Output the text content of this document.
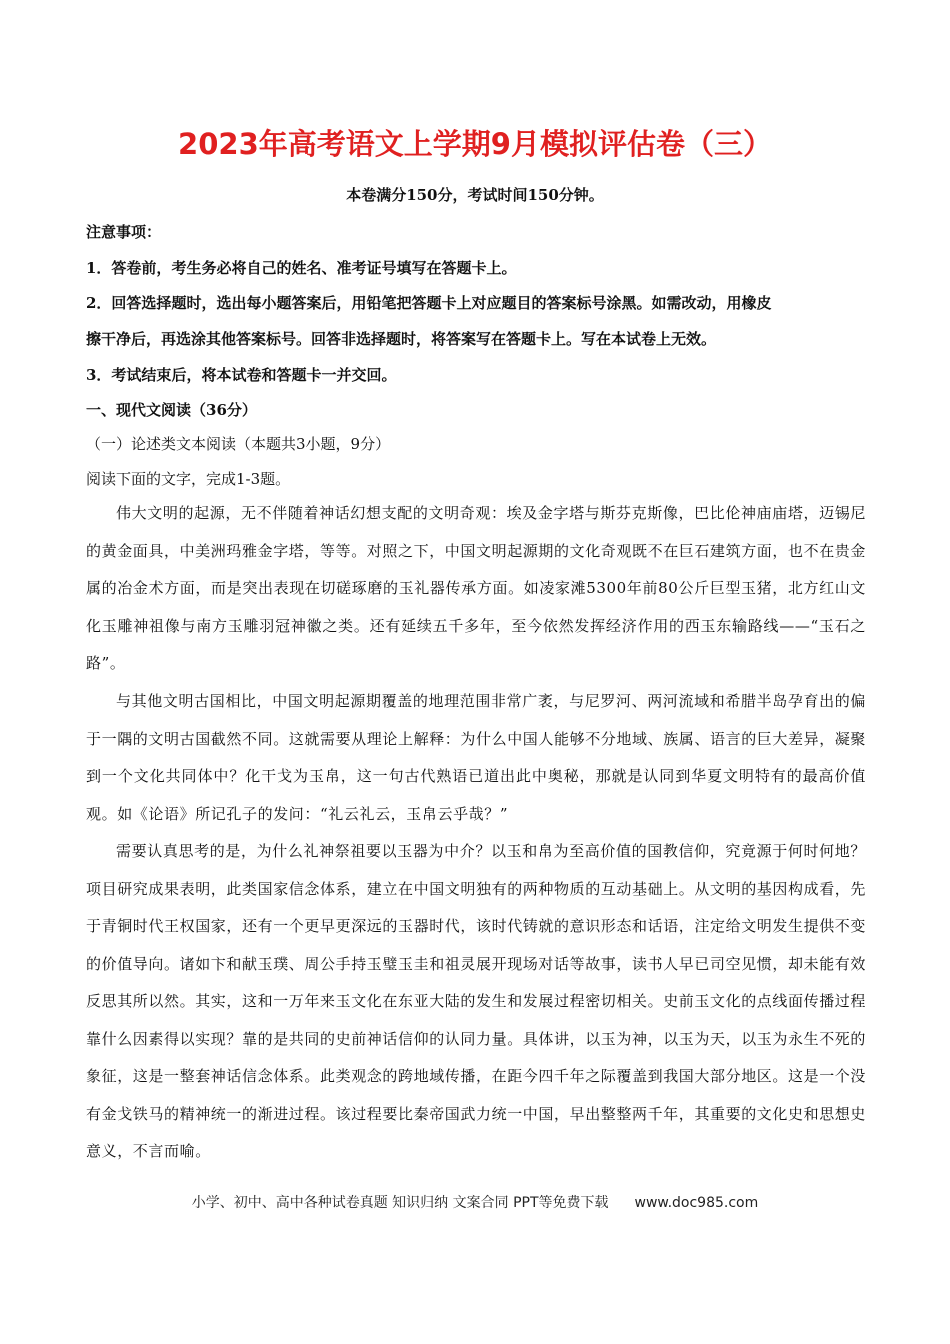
2023年高考语文上学期9月模拟评估卷（三）
本卷满分150分，考试时间150分钟。
注意事项：
1．答卷前，考生务必将自己的姓名、准考证号填写在答题卡上。
2．回答选择题时，选出每小题答案后，用铅笔把答题卡上对应题目的答案标号涂黑。如需改动，用橡皮
擦干净后，再选涂其他答案标号。回答非选择题时，将答案写在答题卡上。写在本试卷上无效。
3．考试结束后，将本试卷和答题卡一并交回。
一、现代文阅读（36分）
（一）论述类文本阅读（本题共3小题，9分）
阅读下面的文字，完成1-3题。

伟大文明的起源，无不伴随着神话幻想支配的文明奇观：埃及金字塔与斯芬克斯像，巴比伦神庙庙塔，迈锡尼的黄金面具，中美洲玛雅金字塔，等等。对照之下，中国文明起源期的文化奇观既不在巨石建筑方面，也不在贵金属的冶金术方面，而是突出表现在切磋琢磨的玉礼器传承方面。如凌家滩5300年前80公斤巨型玉猪，北方红山文化玉雕神祖像与南方玉雕羽冠神徽之类。还有延续五千多年，至今依然发挥经济作用的西玉东输路线——“玉石之路”。

与其他文明古国相比，中国文明起源期覆盖的地理范围非常广袤，与尼罗河、两河流域和希腊半岛孕育出的偏于一隅的文明古国截然不同。这就需要从理论上解释：为什么中国人能够不分地域、族属、语言的巨大差异，凝聚到一个文化共同体中？化干戈为玉帛，这一句古代熟语已道出此中奥秘，那就是认同到华夏文明特有的最高价值观。如《论语》所记孔子的发问：“礼云礼云，玉帛云乎哉？”

需要认真思考的是，为什么礼神祭祖要以玉器为中介？以玉和帛为至高价值的国教信仰，究竟源于何时何地？项目研究成果表明，此类国家信念体系，建立在中国文明独有的两种物质的互动基础上。从文明的基因构成看，先于青铜时代王权国家，还有一个更早更深远的玉器时代，该时代铸就的意识形态和话语，注定给文明发生提供不变的价值导向。诸如卞和献玉璞、周公手持玉璧玉圭和祖灵展开现场对话等故事，读书人早已司空见惯，却未能有效反思其所以然。其实，这和一万年来玉文化在东亚大陆的发生和发展过程密切相关。史前玉文化的点线面传播过程靠什么因素得以实现？靠的是共同的史前神话信仰的认同力量。具体讲，以玉为神，以玉为天，以玉为永生不死的象征，这是一整套神话信念体系。此类观念的跨地域传播，在距今四千年之际覆盖到我国大部分地区。这是一个没有金戈铁马的精神统一的渐进过程。该过程要比秦帝国武力统一中国，早出整整两千年，其重要的文化史和思想史意义，不言而喻。

小学、初中、高中各种试卷真题 知识归纳 文案合同 PPT等免费下载 www.doc985.com
